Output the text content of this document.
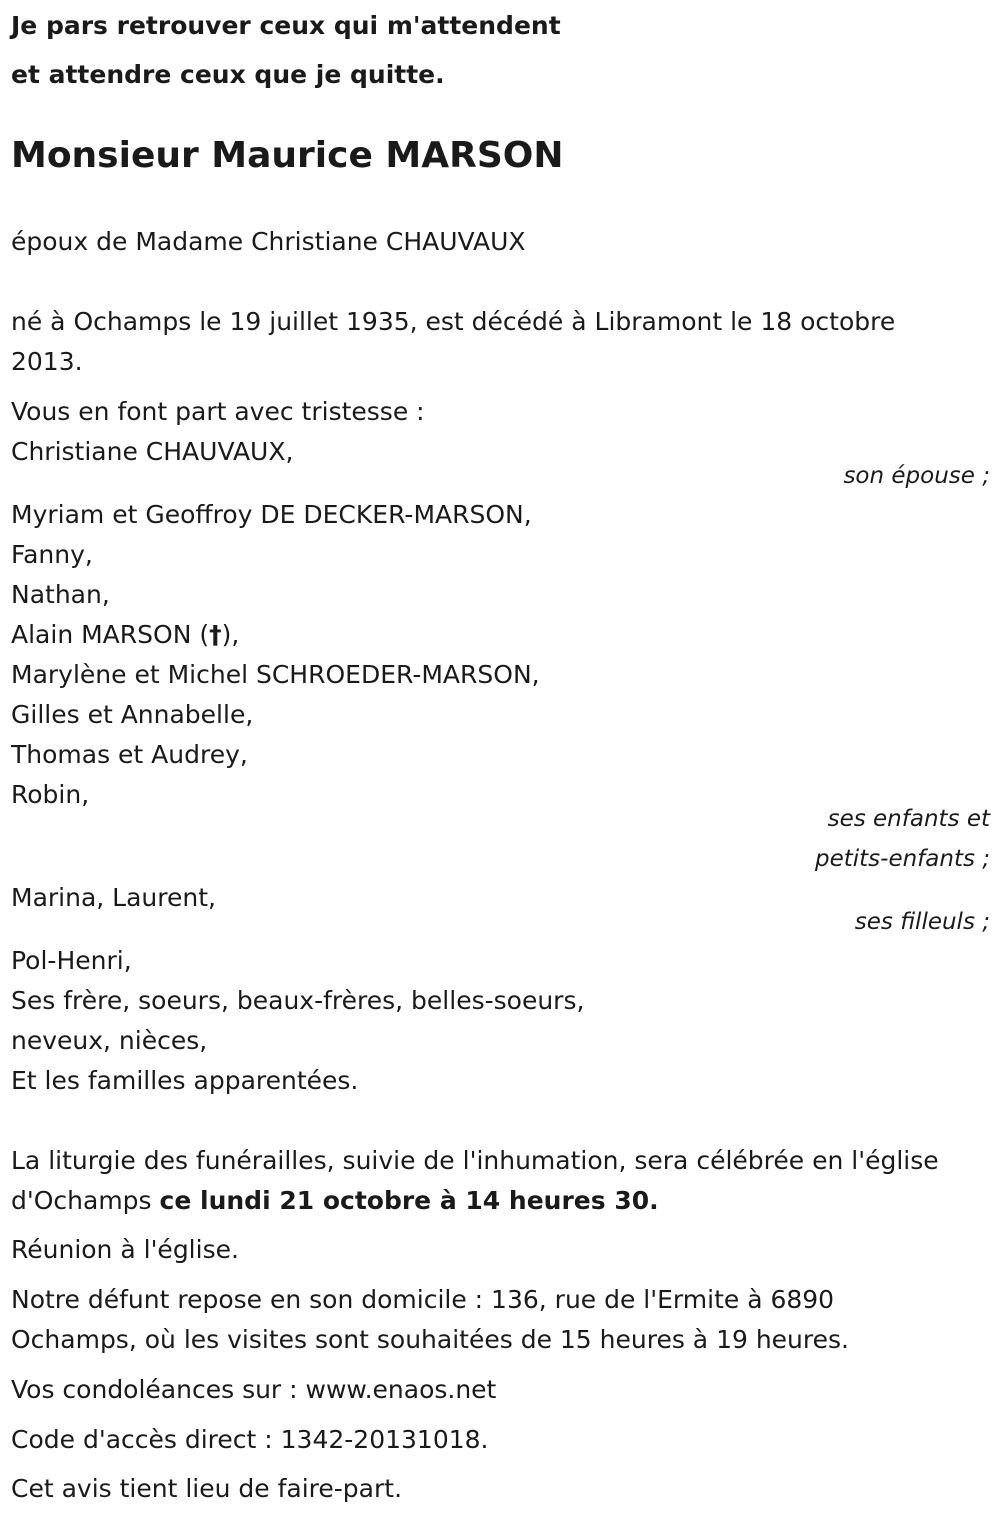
Je pars retrouver ceux qui m'attendent
et attendre ceux que je quitte.
Monsieur Maurice MARSON
époux de Madame Christiane CHAUVAUX
né à Ochamps le 19 juillet 1935, est décédé à Libramont le 18 octobre
2013.
Vous en font part avec tristesse :
Christiane CHAUVAUX,
son épouse ;
Myriam et Geoffroy DE DECKER-MARSON,
Fanny,
Nathan,
Alain MARSON (†),
Marylène et Michel SCHROEDER-MARSON,
Gilles et Annabelle,
Thomas et Audrey,
Robin,
ses enfants et
petits-enfants ;
Marina, Laurent,
ses filleuls ;
Pol-Henri,
Ses frère, soeurs, beaux-frères, belles-soeurs,
neveux, nièces,
Et les familles apparentées.
La liturgie des funérailles, suivie de l'inhumation, sera célébrée en l'église
d'Ochamps ce lundi 21 octobre à 14 heures 30.
Réunion à l'église.
Notre défunt repose en son domicile : 136, rue de l'Ermite à 6890
Ochamps, où les visites sont souhaitées de 15 heures à 19 heures.
Vos condoléances sur : www.enaos.net
Code d'accès direct : 1342-20131018.
Cet avis tient lieu de faire-part.
